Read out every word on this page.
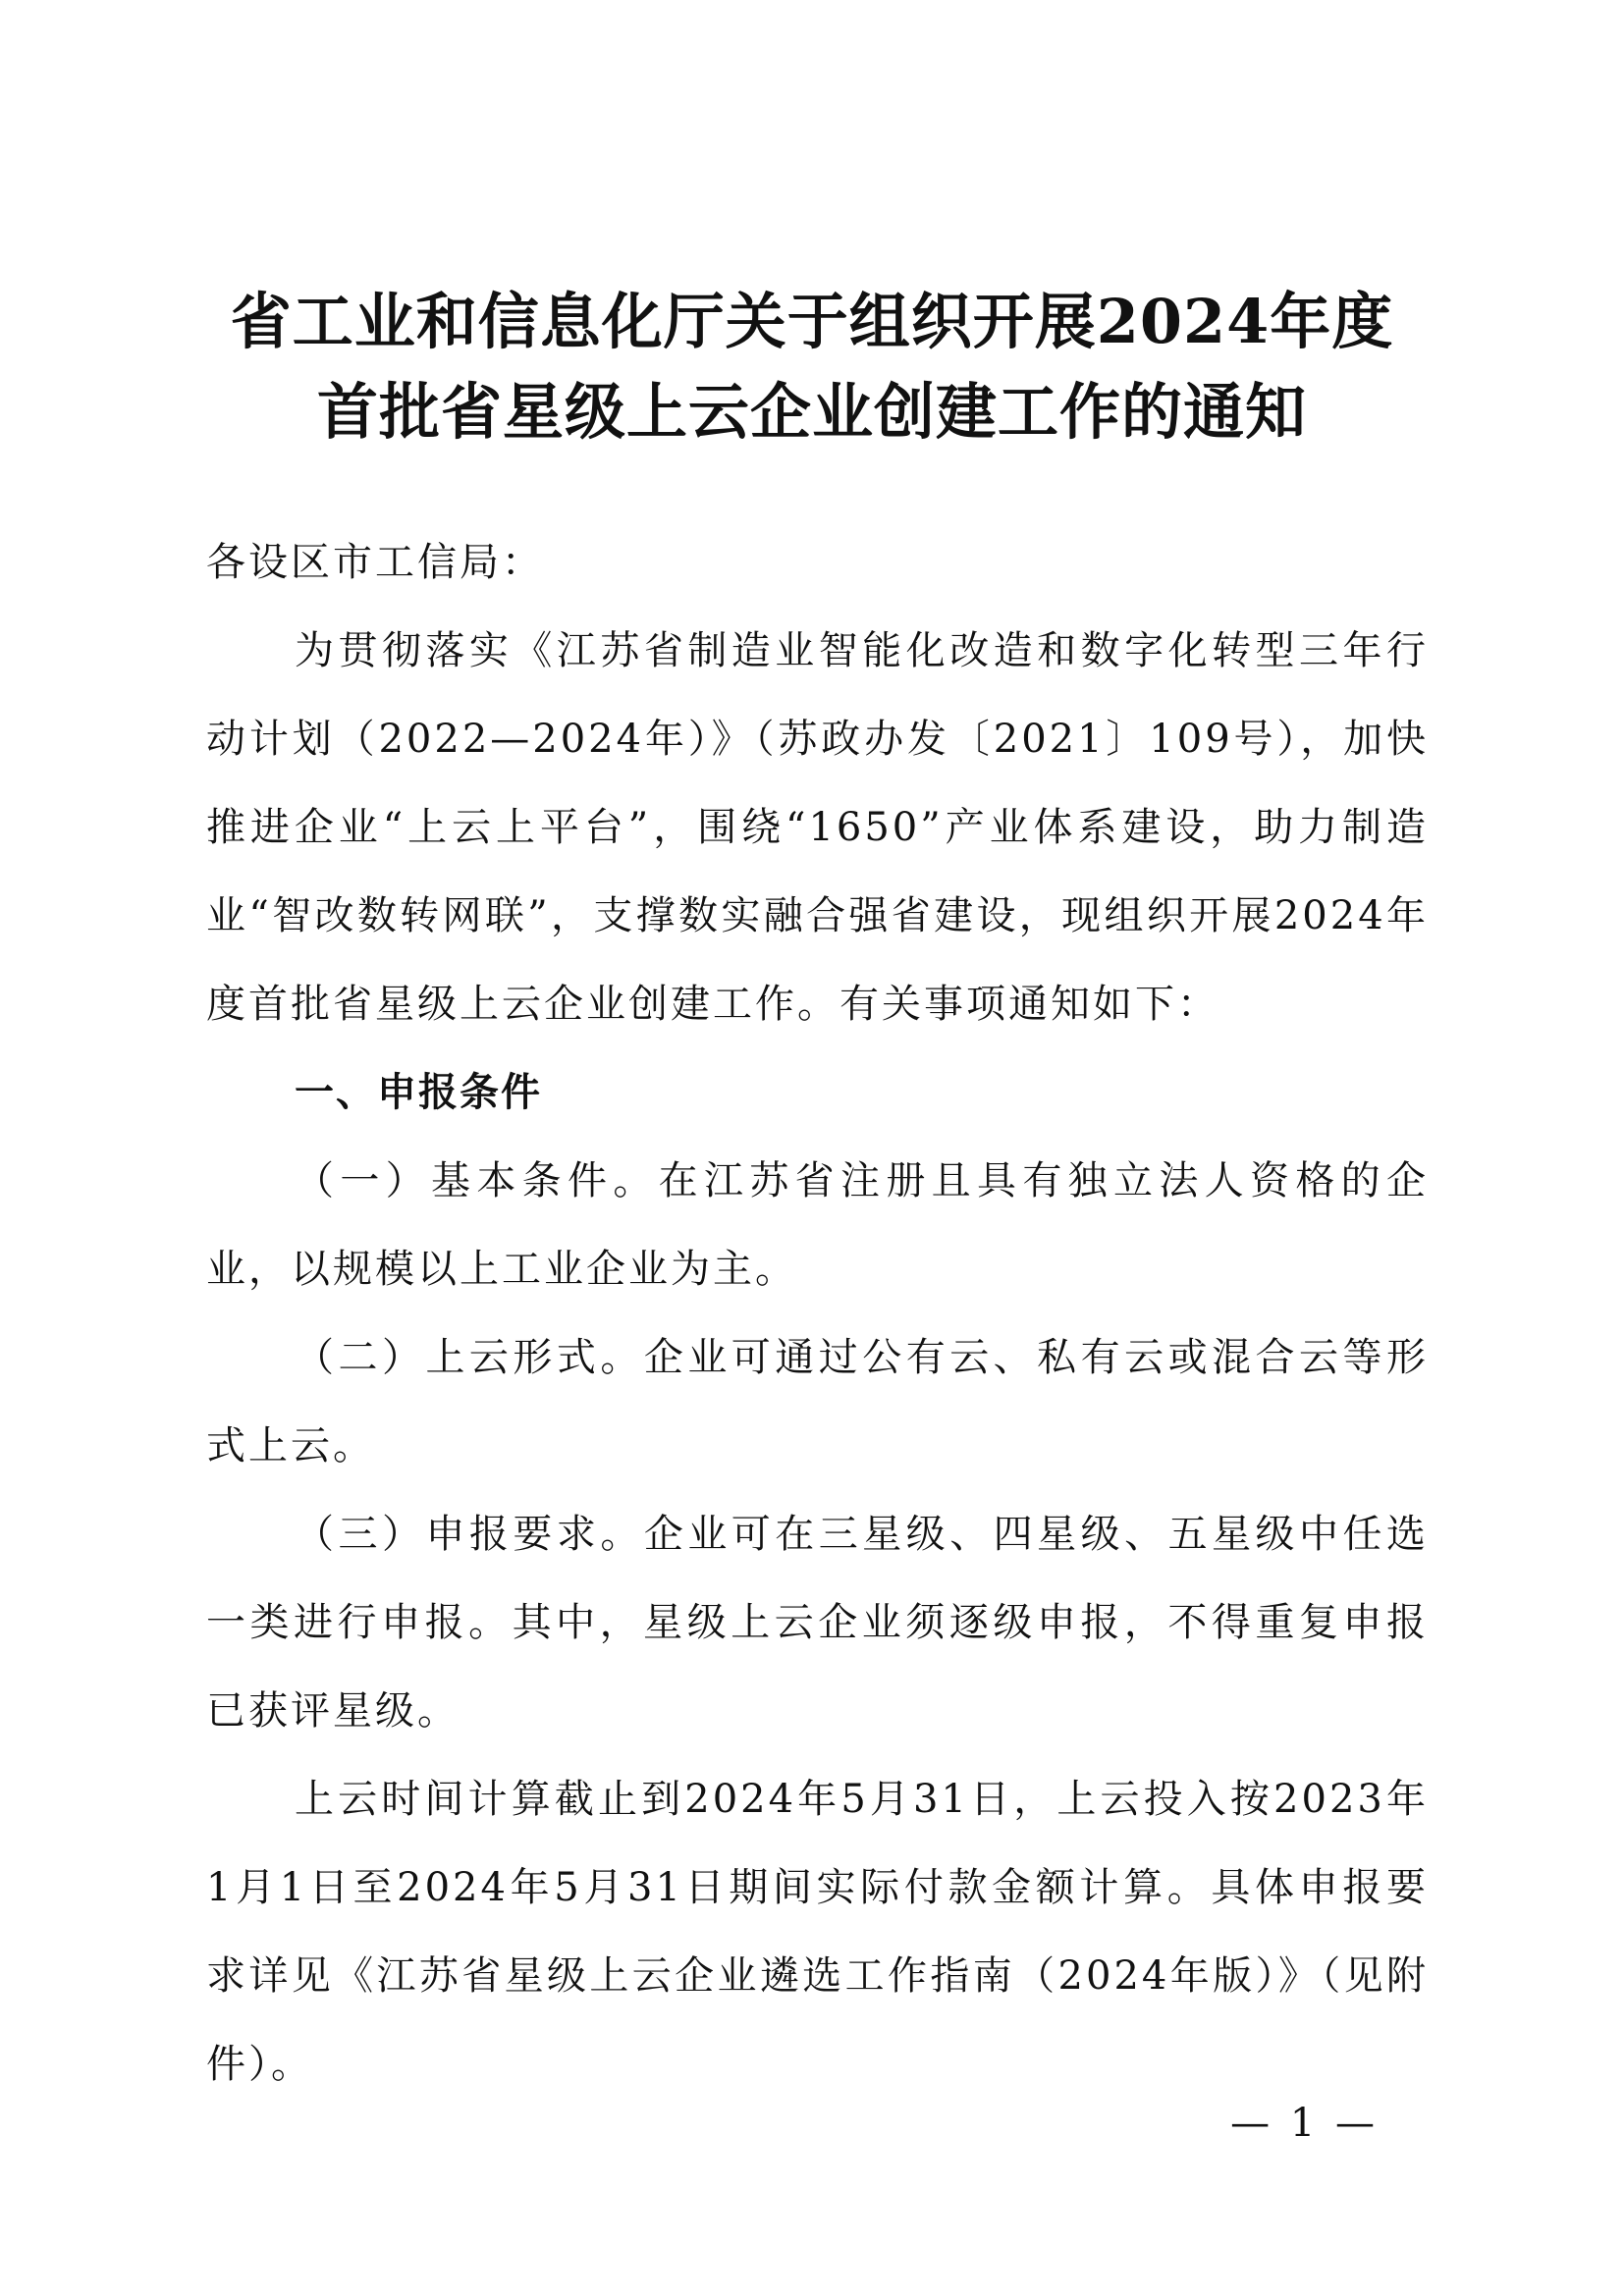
省工业和信息化厅关于组织开展2024年度
首批省星级上云企业创建工作的通知

各设区市工信局：

为贯彻落实《江苏省制造业智能化改造和数字化转型三年行动计划（2022—2024年）》（苏政办发〔2021〕109号），加快推进企业“上云上平台”，围绕“1650”产业体系建设，助力制造业“智改数转网联”，支撑数实融合强省建设，现组织开展2024年度首批省星级上云企业创建工作。有关事项通知如下：

一、申报条件

（一）基本条件。在江苏省注册且具有独立法人资格的企业，以规模以上工业企业为主。

（二）上云形式。企业可通过公有云、私有云或混合云等形式上云。

（三）申报要求。企业可在三星级、四星级、五星级中任选一类进行申报。其中，星级上云企业须逐级申报，不得重复申报已获评星级。

上云时间计算截止到2024年5月31日，上云投入按2023年1月1日至2024年5月31日期间实际付款金额计算。具体申报要求详见《江苏省星级上云企业遴选工作指南（2024年版）》（见附件）。

— 1 —
